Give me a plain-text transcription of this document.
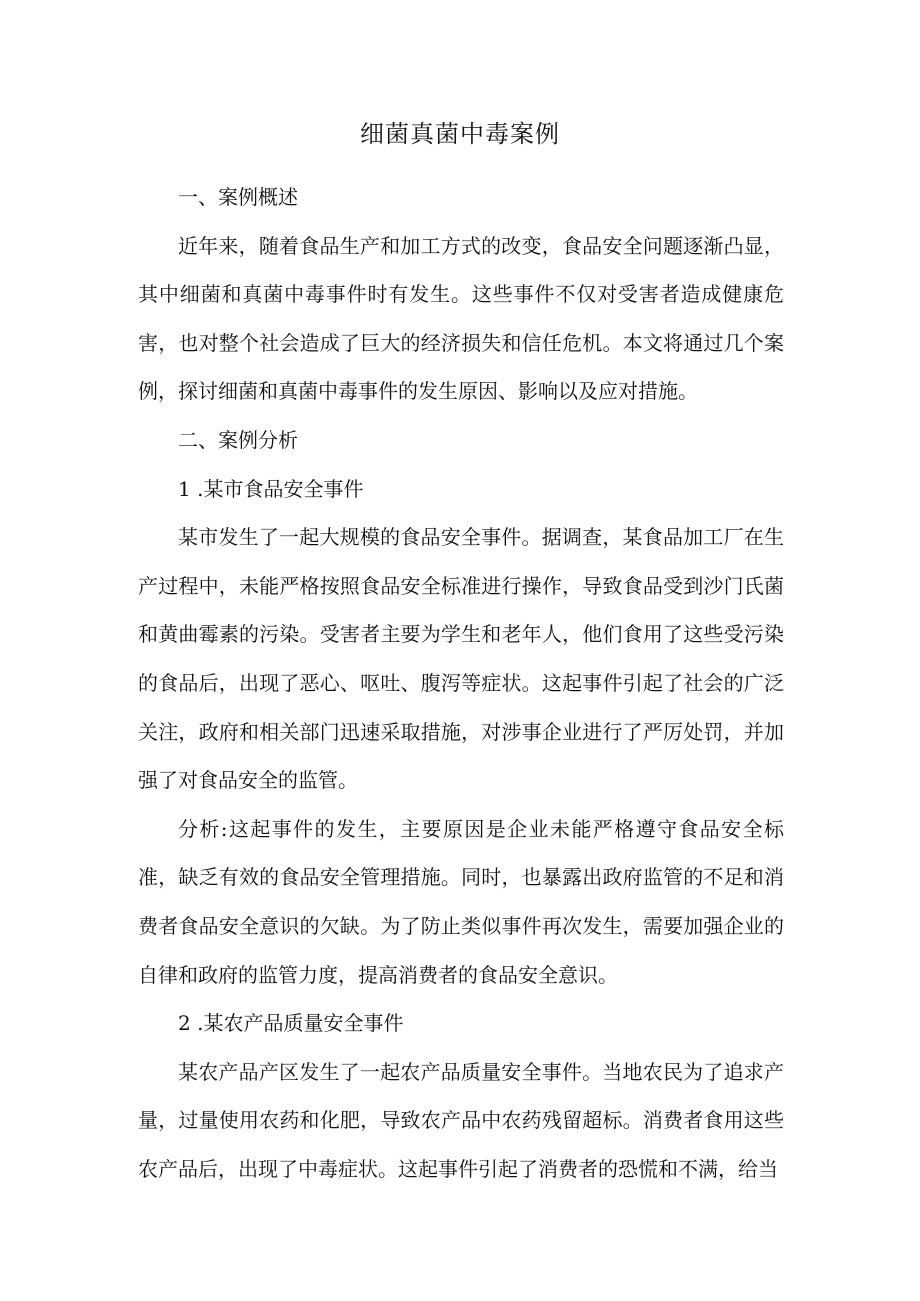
细菌真菌中毒案例

一、案例概述

近年来，随着食品生产和加工方式的改变，食品安全问题逐渐凸显，其中细菌和真菌中毒事件时有发生。这些事件不仅对受害者造成健康危害，也对整个社会造成了巨大的经济损失和信任危机。本文将通过几个案例，探讨细菌和真菌中毒事件的发生原因、影响以及应对措施。

二、案例分析

1 .某市食品安全事件

某市发生了一起大规模的食品安全事件。据调查，某食品加工厂在生产过程中，未能严格按照食品安全标准进行操作，导致食品受到沙门氏菌和黄曲霉素的污染。受害者主要为学生和老年人，他们食用了这些受污染的食品后，出现了恶心、呕吐、腹泻等症状。这起事件引起了社会的广泛关注，政府和相关部门迅速采取措施，对涉事企业进行了严厉处罚，并加强了对食品安全的监管。

分析:这起事件的发生，主要原因是企业未能严格遵守食品安全标准，缺乏有效的食品安全管理措施。同时，也暴露出政府监管的不足和消费者食品安全意识的欠缺。为了防止类似事件再次发生，需要加强企业的自律和政府的监管力度，提高消费者的食品安全意识。

2 .某农产品质量安全事件

某农产品产区发生了一起农产品质量安全事件。当地农民为了追求产量，过量使用农药和化肥，导致农产品中农药残留超标。消费者食用这些农产品后，出现了中毒症状。这起事件引起了消费者的恐慌和不满，给当
